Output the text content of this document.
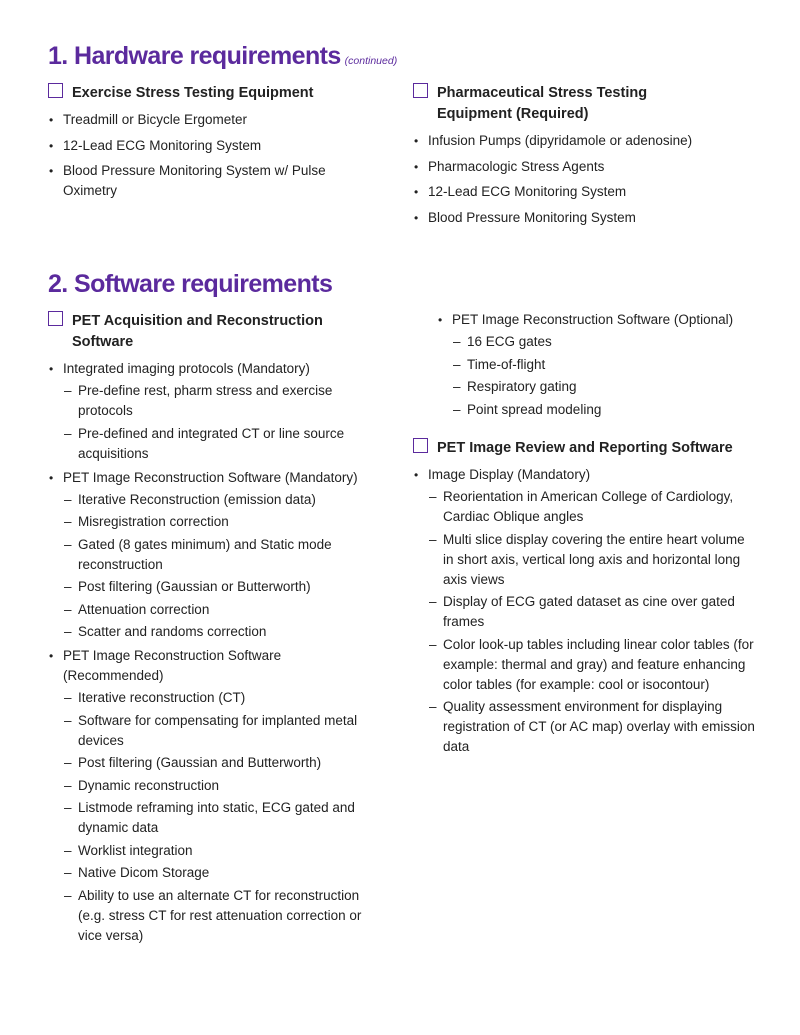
1. Hardware requirements (continued)
Exercise Stress Testing Equipment
• Treadmill or Bicycle Ergometer
• 12-Lead ECG Monitoring System
• Blood Pressure Monitoring System w/ Pulse Oximetry
Pharmaceutical Stress Testing Equipment (Required)
• Infusion Pumps (dipyridamole or adenosine)
• Pharmacologic Stress Agents
• 12-Lead ECG Monitoring System
• Blood Pressure Monitoring System
2. Software requirements
PET Acquisition and Reconstruction Software
• Integrated imaging protocols (Mandatory)
– Pre-define rest, pharm stress and exercise protocols
– Pre-defined and integrated CT or line source acquisitions
• PET Image Reconstruction Software (Mandatory)
– Iterative Reconstruction (emission data)
– Misregistration correction
– Gated (8 gates minimum) and Static mode reconstruction
– Post filtering (Gaussian or Butterworth)
– Attenuation correction
– Scatter and randoms correction
• PET Image Reconstruction Software (Recommended)
– Iterative reconstruction (CT)
– Software for compensating for implanted metal devices
– Post filtering (Gaussian and Butterworth)
– Dynamic reconstruction
– Listmode reframing into static, ECG gated and dynamic data
– Worklist integration
– Native Dicom Storage
– Ability to use an alternate CT for reconstruction (e.g. stress CT for rest attenuation correction or vice versa)
• PET Image Reconstruction Software (Optional)
– 16 ECG gates
– Time-of-flight
– Respiratory gating
– Point spread modeling
PET Image Review and Reporting Software
• Image Display (Mandatory)
– Reorientation in American College of Cardiology, Cardiac Oblique angles
– Multi slice display covering the entire heart volume in short axis, vertical long axis and horizontal long axis views
– Display of ECG gated dataset as cine over gated frames
– Color look-up tables including linear color tables (for example: thermal and gray) and feature enhancing color tables (for example: cool or isocontour)
– Quality assessment environment for displaying registration of CT (or AC map) overlay with emission data
